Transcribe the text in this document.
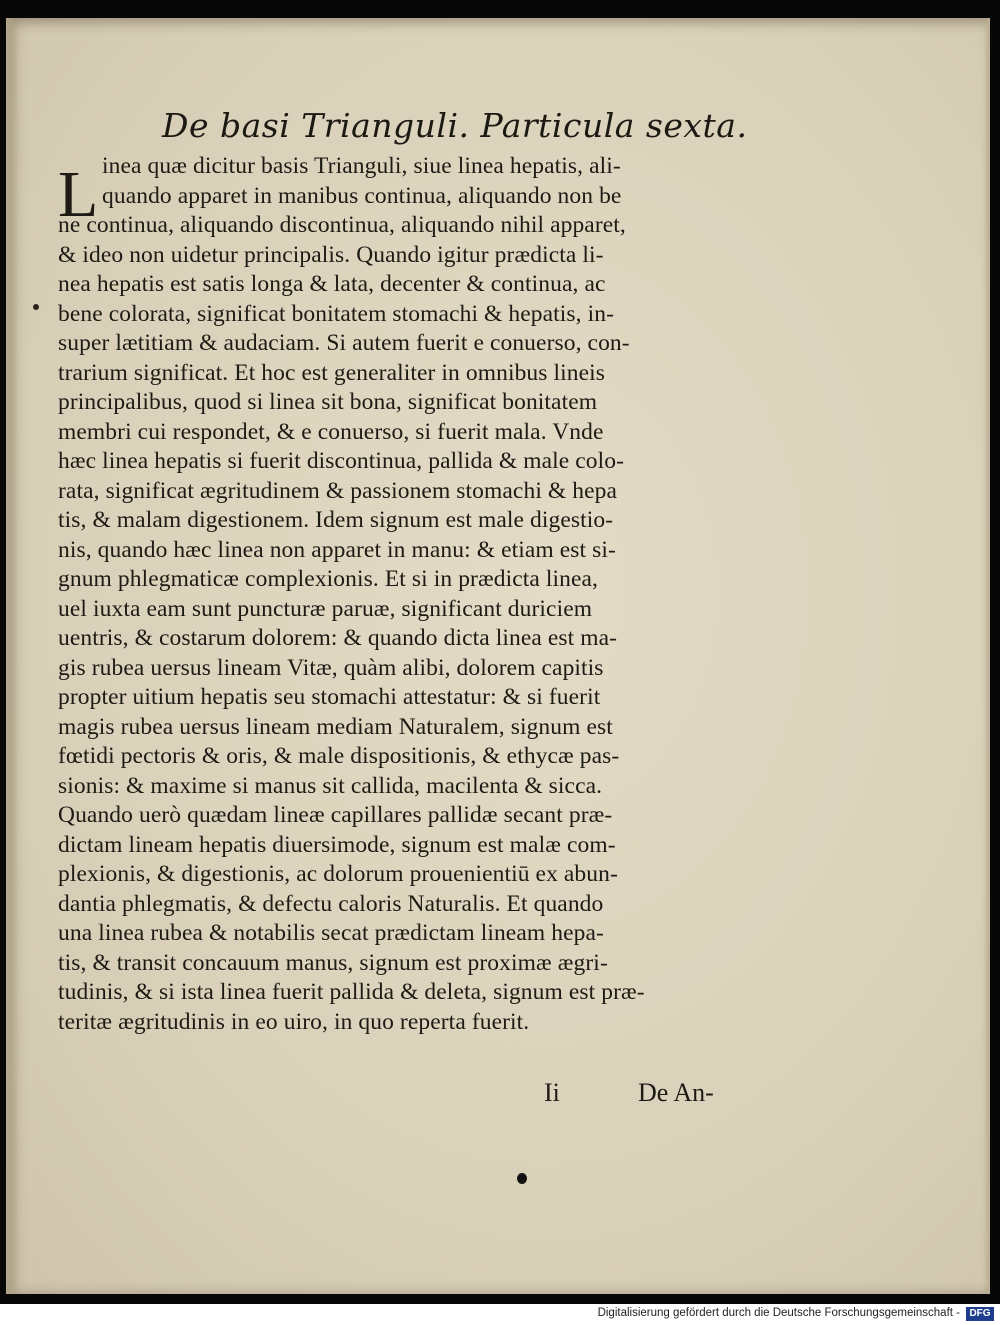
De basi Trianguli. Particula sexta.
L inea quæ dicitur basis Trianguli, siue linea hepatis, ali-
quando apparet in manibus continua, aliquando non be
ne continua, aliquando discontinua, aliquando nihil apparet,
& ideo non uidetur principalis. Quando igitur prædicta li-
nea hepatis est satis longa & lata, decenter & continua, ac
bene colorata, significat bonitatem stomachi & hepatis, in-
super lætitiam & audaciam. Si autem fuerit e conuerso, con-
trarium significat. Et hoc est generaliter in omnibus lineis
principalibus, quod si linea sit bona, significat bonitatem
membri cui respondet, & e conuerso, si fuerit mala. Vnde
hæc linea hepatis si fuerit discontinua, pallida & male colo-
rata, significat ægritudinem & passionem stomachi & hepa
tis, & malam digestionem. Idem signum est male digestio-
nis, quando hæc linea non apparet in manu: & etiam est si-
gnum phlegmaticæ complexionis. Et si in prædicta linea,
uel iuxta eam sunt puncturæ paruæ, significant duriciem
uentris, & costarum dolorem: & quando dicta linea est ma-
gis rubea uersus lineam Vitæ, quàm alibi, dolorem capitis
propter uitium hepatis seu stomachi attestatur: & si fuerit
magis rubea uersus lineam mediam Naturalem, signum est
fœtidi pectoris & oris, & male dispositionis, & ethycæ pas-
sionis: & maxime si manus sit callida, macilenta & sicca.
Quando uerò quædam lineæ capillares pallidæ secant præ-
dictam lineam hepatis diuersimode, signum est malæ com-
plexionis, & digestionis, ac dolorum prouenientiū ex abun-
dantia phlegmatis, & defectu caloris Naturalis. Et quando
una linea rubea & notabilis secat prædictam lineam hepa-
tis, & transit concauum manus, signum est proximæ ægri-
tudinis, & si ista linea fuerit pallida & deleta, signum est præ-
teritæ ægritudinis in eo uiro, in quo reperta fuerit.
Ii	De An-
Digitalisierung gefördert durch die Deutsche Forschungsgemeinschaft - DFG
